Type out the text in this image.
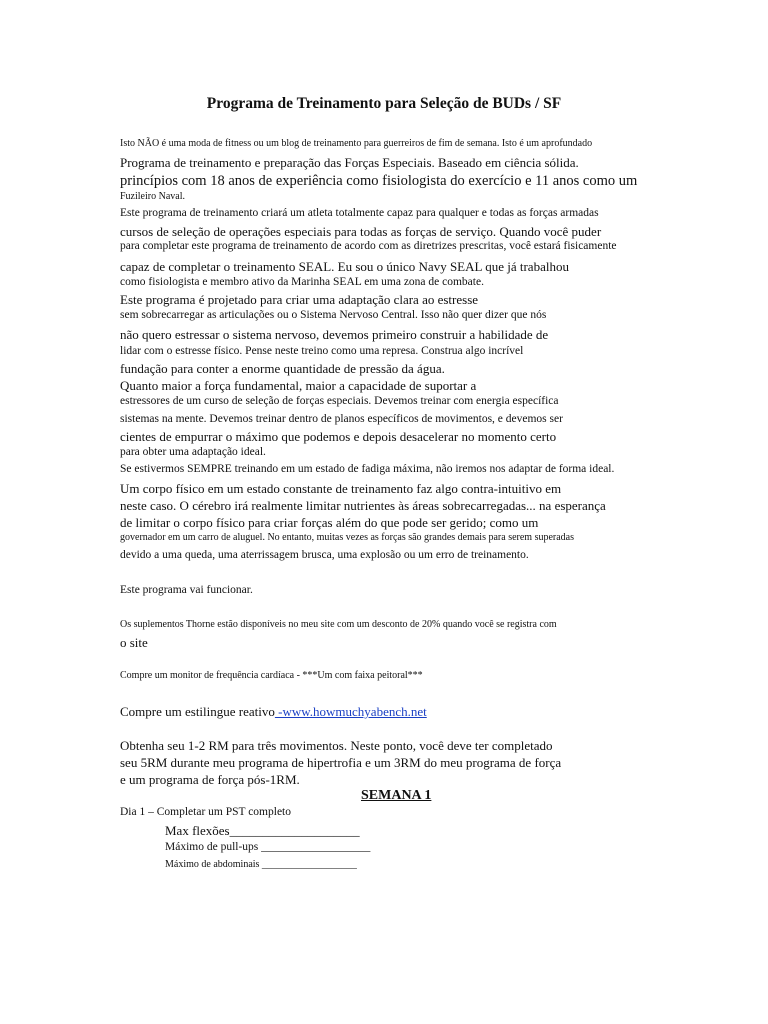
Programa de Treinamento para Seleção de BUDs / SF
Isto NÃO é uma moda de fitness ou um blog de treinamento para guerreiros de fim de semana. Isto é um aprofundado
Programa de treinamento e preparação das Forças Especiais. Baseado em ciência sólida.
princípios com 18 anos de experiência como fisiologista do exercício e 11 anos como um
Fuzileiro Naval.
Este programa de treinamento criará um atleta totalmente capaz para qualquer e todas as forças armadas
cursos de seleção de operações especiais para todas as forças de serviço. Quando você puder
para completar este programa de treinamento de acordo com as diretrizes prescritas, você estará fisicamente
capaz de completar o treinamento SEAL. Eu sou o único Navy SEAL que já trabalhou
como fisiologista e membro ativo da Marinha SEAL em uma zona de combate.
Este programa é projetado para criar uma adaptação clara ao estresse
sem sobrecarregar as articulações ou o Sistema Nervoso Central. Isso não quer dizer que nós
não quero estressar o sistema nervoso, devemos primeiro construir a habilidade de
lidar com o estresse físico. Pense neste treino como uma represa. Construa algo incrível
fundação para conter a enorme quantidade de pressão da água.
Quanto maior a força fundamental, maior a capacidade de suportar a
estressores de um curso de seleção de forças especiais. Devemos treinar com energia específica
sistemas na mente. Devemos treinar dentro de planos específicos de movimentos, e devemos ser
cientes de empurrar o máximo que podemos e depois desacelerar no momento certo
para obter uma adaptação ideal.
Se estivermos SEMPRE treinando em um estado de fadiga máxima, não iremos nos adaptar de forma ideal.
Um corpo físico em um estado constante de treinamento faz algo contra-intuitivo em
neste caso. O cérebro irá realmente limitar nutrientes às áreas sobrecarregadas... na esperança
de limitar o corpo físico para criar forças além do que pode ser gerido; como um
governador em um carro de aluguel. No entanto, muitas vezes as forças são grandes demais para serem superadas
devido a uma queda, uma aterrissagem brusca, uma explosão ou um erro de treinamento.
Este programa vai funcionar.
Os suplementos Thorne estão disponíveis no meu site com um desconto de 20% quando você se registra com
o site
Compre um monitor de frequência cardíaca - ***Um com faixa peitoral***
Compre um estilingue reativo -www.howmuchyabench.net
Obtenha seu 1-2 RM para três movimentos. Neste ponto, você deve ter completado
seu 5RM durante meu programa de hipertrofia e um 3RM do meu programa de força
e um programa de força pós-1RM.
SEMANA 1
Dia 1 – Completar um PST completo
Max flexões____________________
Máximo de pull-ups ___________________
Máximo de abdominais ___________________
